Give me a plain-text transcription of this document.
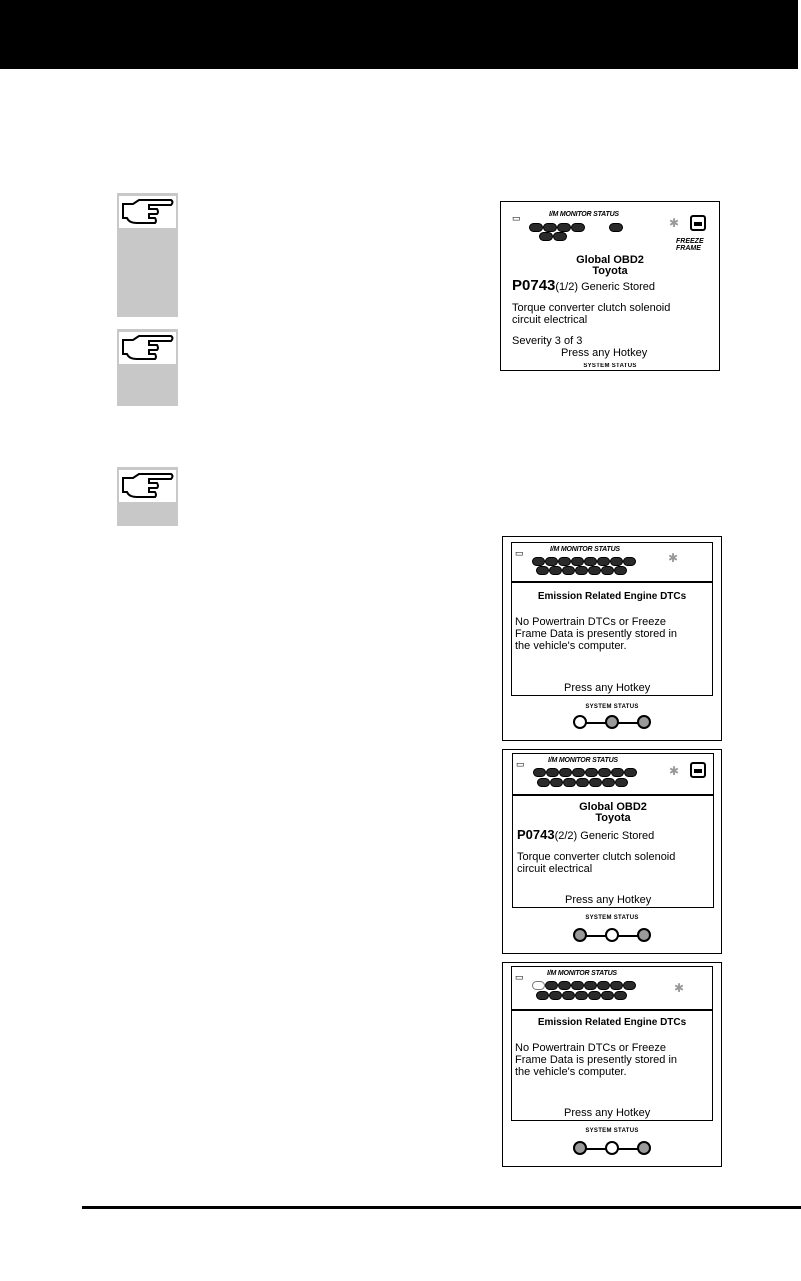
▭	I/M MONITOR STATUS
✱
FREEZE FRAME
Global OBD2
Toyota
P0743(1/2) Generic Stored
Torque converter clutch solenoid
circuit electrical
Severity 3 of 3
Press any Hotkey
SYSTEM STATUS
▭	I/M MONITOR STATUS
✱
Emission Related Engine DTCs
No Powertrain DTCs or Freeze
Frame Data is presently stored in
the vehicle's computer.
Press any Hotkey
SYSTEM STATUS
▭	I/M MONITOR STATUS
✱
Global OBD2
Toyota
P0743(2/2) Generic Stored
Torque converter clutch solenoid
circuit electrical
Press any Hotkey
SYSTEM STATUS
▭	I/M MONITOR STATUS
✱
Emission Related Engine DTCs
No Powertrain DTCs or Freeze
Frame Data is presently stored in
the vehicle's computer.
Press any Hotkey
SYSTEM STATUS
